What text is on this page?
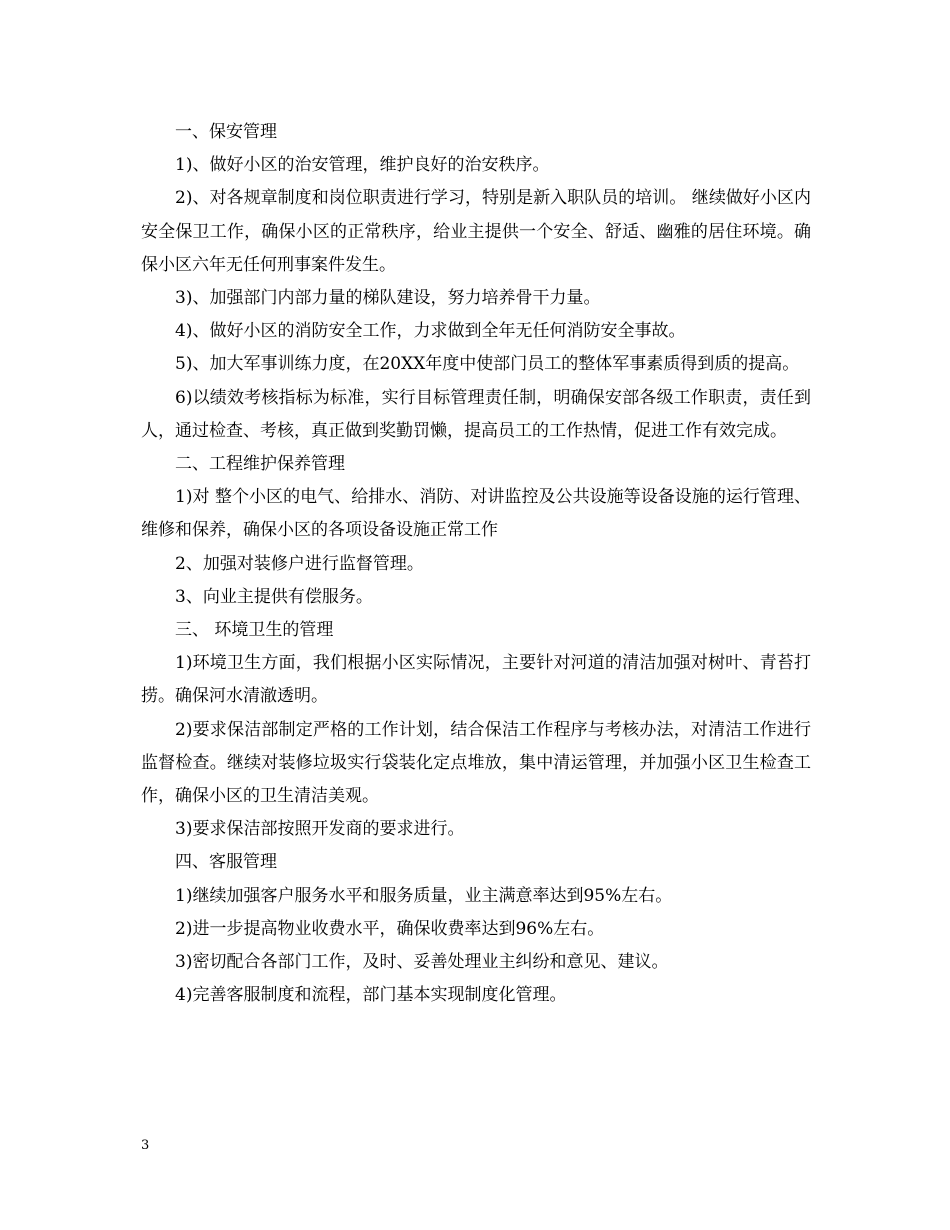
一、保安管理

1)、做好小区的治安管理，维护良好的治安秩序。

2)、对各规章制度和岗位职责进行学习，特别是新入职队员的培训。 继续做好小区内安全保卫工作，确保小区的正常秩序，给业主提供一个安全、舒适、幽雅的居住环境。确保小区六年无任何刑事案件发生。

3)、加强部门内部力量的梯队建设，努力培养骨干力量。

4)、做好小区的消防安全工作，力求做到全年无任何消防安全事故。

5)、加大军事训练力度，在20XX年度中使部门员工的整体军事素质得到质的提高。

6)以绩效考核指标为标准，实行目标管理责任制，明确保安部各级工作职责，责任到人，通过检查、考核，真正做到奖勤罚懒，提高员工的工作热情，促进工作有效完成。

二、工程维护保养管理

1)对 整个小区的电气、给排水、消防、对讲监控及公共设施等设备设施的运行管理、维修和保养，确保小区的各项设备设施正常工作

2、加强对装修户进行监督管理。

3、向业主提供有偿服务。

三、 环境卫生的管理

1)环境卫生方面，我们根据小区实际情况，主要针对河道的清洁加强对树叶、青苔打捞。确保河水清澈透明。

2)要求保洁部制定严格的工作计划，结合保洁工作程序与考核办法，对清洁工作进行监督检查。继续对装修垃圾实行袋装化定点堆放，集中清运管理，并加强小区卫生检查工作，确保小区的卫生清洁美观。

3)要求保洁部按照开发商的要求进行。

四、客服管理

1)继续加强客户服务水平和服务质量，业主满意率达到95%左右。

2)进一步提高物业收费水平，确保收费率达到96%左右。

3)密切配合各部门工作，及时、妥善处理业主纠纷和意见、建议。

4)完善客服制度和流程，部门基本实现制度化管理。

3
